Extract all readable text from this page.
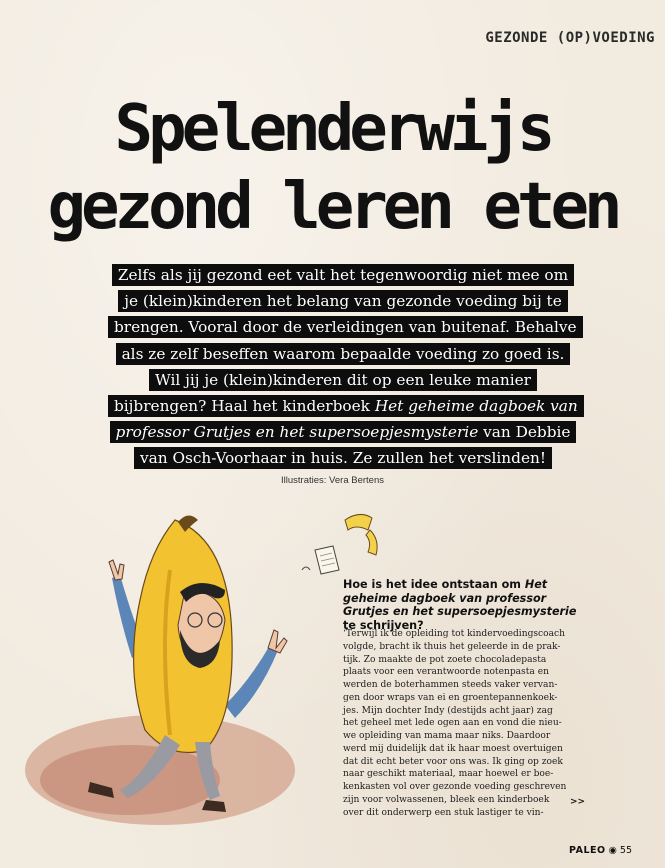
GEZONDE (OP)VOEDING
Spelenderwijs
gezond leren eten
Zelfs als jij gezond eet valt het tegenwoordig niet mee om je (klein)kinderen het belang van gezonde voeding bij te brengen. Vooral door de verleidingen van buitenaf. Behalve als ze zelf beseffen waarom bepaalde voeding zo goed is. Wil jij je (klein)kinderen dit op een leuke manier bijbrengen? Haal het kinderboek Het geheime dagboek van professor Grutjes en het supersoepjesmysterie van Debbie van Osch-Voorhaar in huis. Ze zullen het verslinden!
Illustraties: Vera Bertens
Hoe is het idee ontstaan om Het geheime dagboek van professor Grutjes en het supersoepjesmysterie te schrijven?
‘Terwijl ik de opleiding tot kindervoedingscoach
volgde, bracht ik thuis het geleerde in de prak-
tijk. Zo maakte de pot zoete chocoladepasta
plaats voor een verantwoorde notenpasta en
werden de boterhammen steeds vaker vervan-
gen door wraps van ei en groentepannenkoek-
jes. Mijn dochter Indy (destijds acht jaar) zag
het geheel met lede ogen aan en vond die nieu-
we opleiding van mama maar niks. Daardoor
werd mij duidelijk dat ik haar moest overtuigen
dat dit echt beter voor ons was. Ik ging op zoek
naar geschikt materiaal, maar hoewel er boe-
kenkasten vol over gezonde voeding geschreven
zijn voor volwassenen, bleek een kinderboek
over dit onderwerp een stuk lastiger te vin-
>>
PALEO ◉ 55
